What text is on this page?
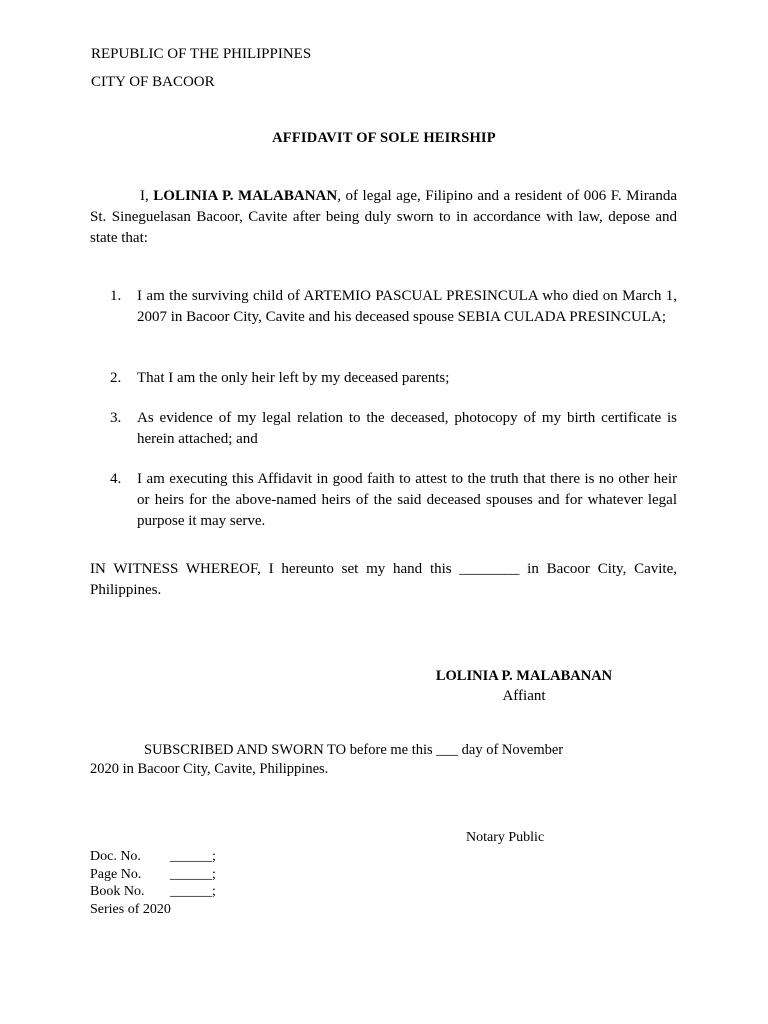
REPUBLIC OF THE PHILIPPINES

CITY OF BACOOR

AFFIDAVIT OF SOLE HEIRSHIP

I, LOLINIA P. MALABANAN, of legal age, Filipino and a resident of 006 F. Miranda St. Sineguelasan Bacoor, Cavite after being duly sworn to in accordance with law, depose and state that:

1.	I am the surviving child of ARTEMIO PASCUAL PRESINCULA who died on March 1, 2007 in Bacoor City, Cavite and his deceased spouse SEBIA CULADA PRESINCULA;
2.	That I am the only heir left by my deceased parents;
3.	As evidence of my legal relation to the deceased, photocopy of my birth certificate is herein attached; and
4.	I am executing this Affidavit in good faith to attest to the truth that there is no other heir or heirs for the above-named heirs of the said deceased spouses and for whatever legal purpose it may serve.

IN WITNESS WHEREOF, I hereunto set my hand this ________ in Bacoor City, Cavite, Philippines.

LOLINIA P. MALABANAN
Affiant
SUBSCRIBED AND SWORN TO before me this ___ day of November
2020 in Bacoor City, Cavite, Philippines.

Notary Public

Doc. No.	______;
Page No.	______;
Book No.	______;
Series of 2020
